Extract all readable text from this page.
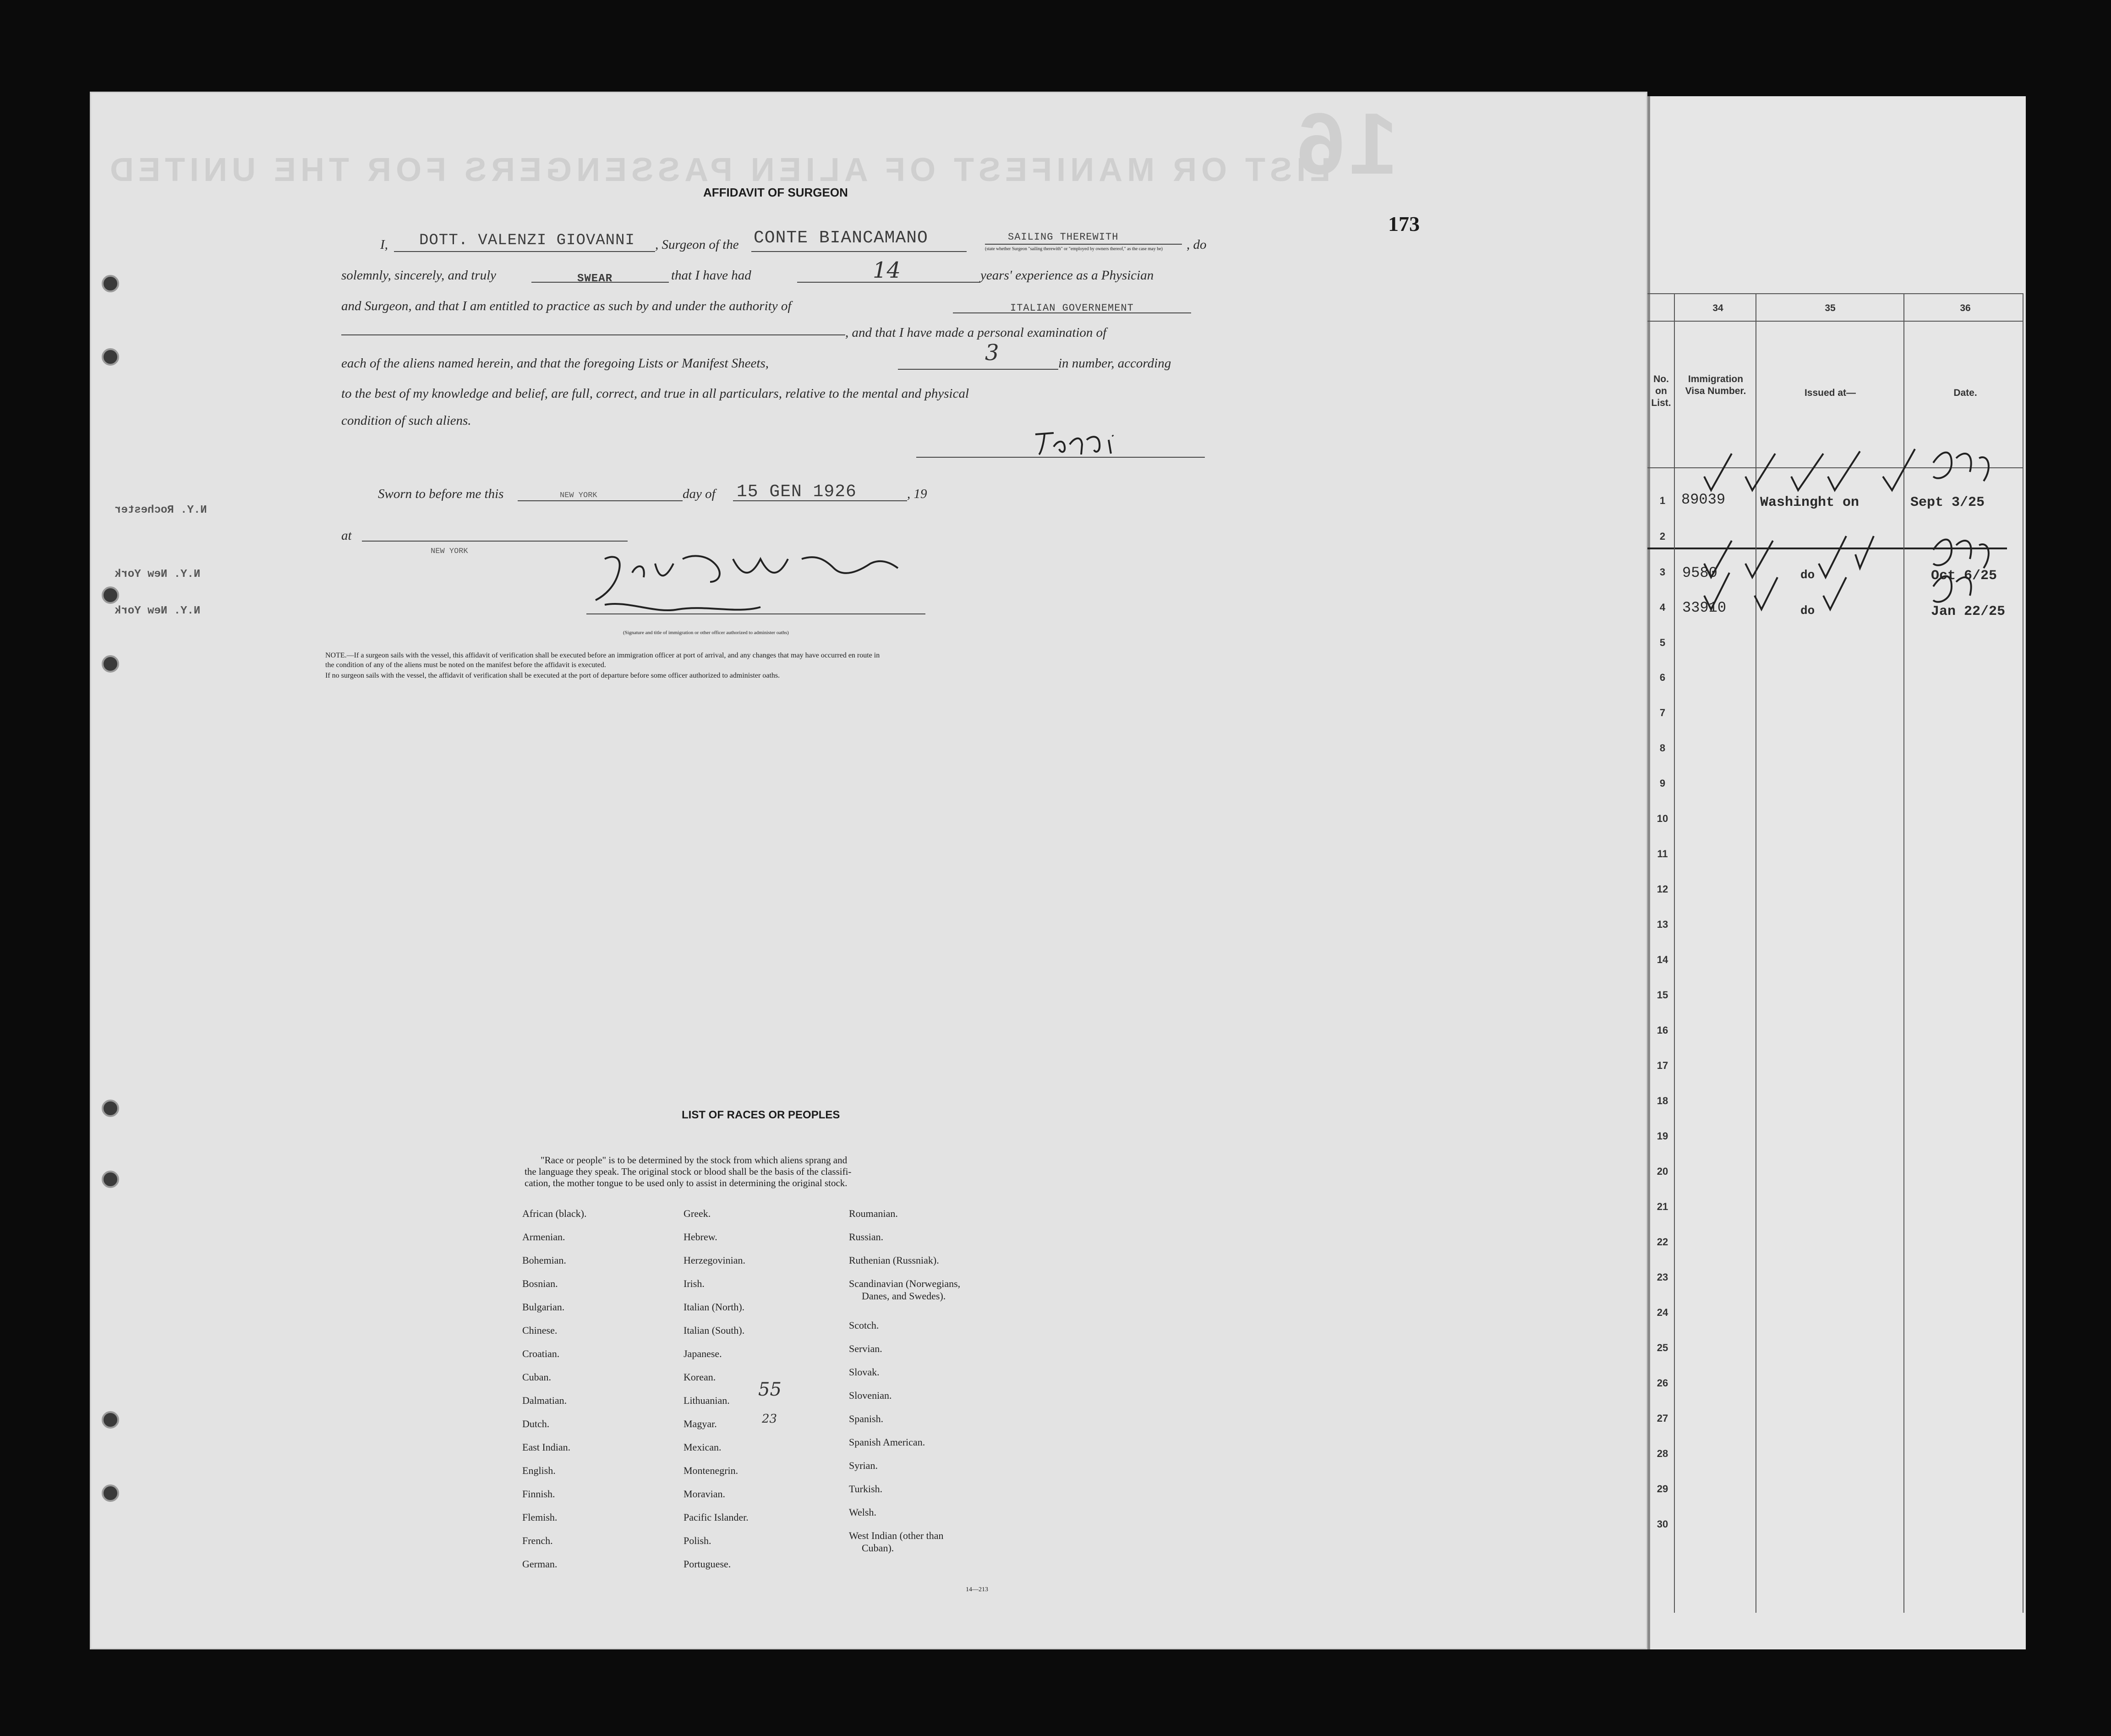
LIST OR MANIFEST OF ALIEN PASSENGERS FOR THE UNITED
16
173
AFFIDAVIT OF SURGEON
I, DOTT. VALENZI GIOVANNI , Surgeon of the CONTE BIANCAMANO	SAILING THEREWITH
(state whether Surgeon "sailing therewith" or "employed by owners thereof," as the case may be)	, do
solemnly, sincerely, and truly	SWEAR	that I have had	14	years' experience as a Physician
and Surgeon, and that I am entitled to practice as such by and under the authority of	ITALIAN GOVERNEMENT
, and that I have made a personal examination of
each of the aliens named herein, and that the foregoing Lists or Manifest Sheets,	3	in number, according
to the best of my knowledge and belief, are full, correct, and true in all particulars, relative to the mental and physical
condition of such aliens.
Sworn to before me this	NEW YORK	day of 15 GEN 1926	, 19
at
NEW YORK
(Signature and title of immigration or other officer authorized to administer oaths)
NOTE.—If a surgeon sails with the vessel, this affidavit of verification shall be executed before an immigration officer at port of arrival, and any changes that may have occurred en route in
the condition of any of the aliens must be noted on the manifest before the affidavit is executed.
If no surgeon sails with the vessel, the affidavit of verification shall be executed at the port of departure before some officer authorized to administer oaths.
N.Y. Rochester
N.Y. New York
N.Y. New York
34	35	36
No. on List.
Immigration Visa Number.	Issued at—	Date.
1	89039	Washinght on	Sept 3/25
2
3	9580	do	Oct 6/25
4	33910	do	Jan 22/25
5
6
7
8
9
10
11
12
13
14
15
16
17
18
19
20
21
22
23
24
25
26
27
28
29
30
LIST OF RACES OR PEOPLES
"Race or people" is to be determined by the stock from which aliens sprang and
the language they speak. The original stock or blood shall be the basis of the classifi-
cation, the mother tongue to be used only to assist in determining the original stock.
African (black).
Armenian.
Bohemian.
Bosnian.
Bulgarian.
Chinese.
Croatian.
Cuban.
Dalmatian.
Dutch.
East Indian.
English.
Finnish.
Flemish.
French.
German.
Greek.
Hebrew.
Herzegovinian.
Irish.
Italian (North).
Italian (South).
Japanese.
Korean.
Lithuanian.
Magyar.
Mexican.
Montenegrin.
Moravian.
Pacific Islander.
Polish.
Portuguese.
Roumanian.
Russian.
Ruthenian (Russniak).
Scandinavian (Norwegians,
Danes, and Swedes).
Scotch.
Servian.
Slovak.
Slovenian.
Spanish.
Spanish American.
Syrian.
Turkish.
Welsh.
West Indian (other than
Cuban).
55
23
14—213
